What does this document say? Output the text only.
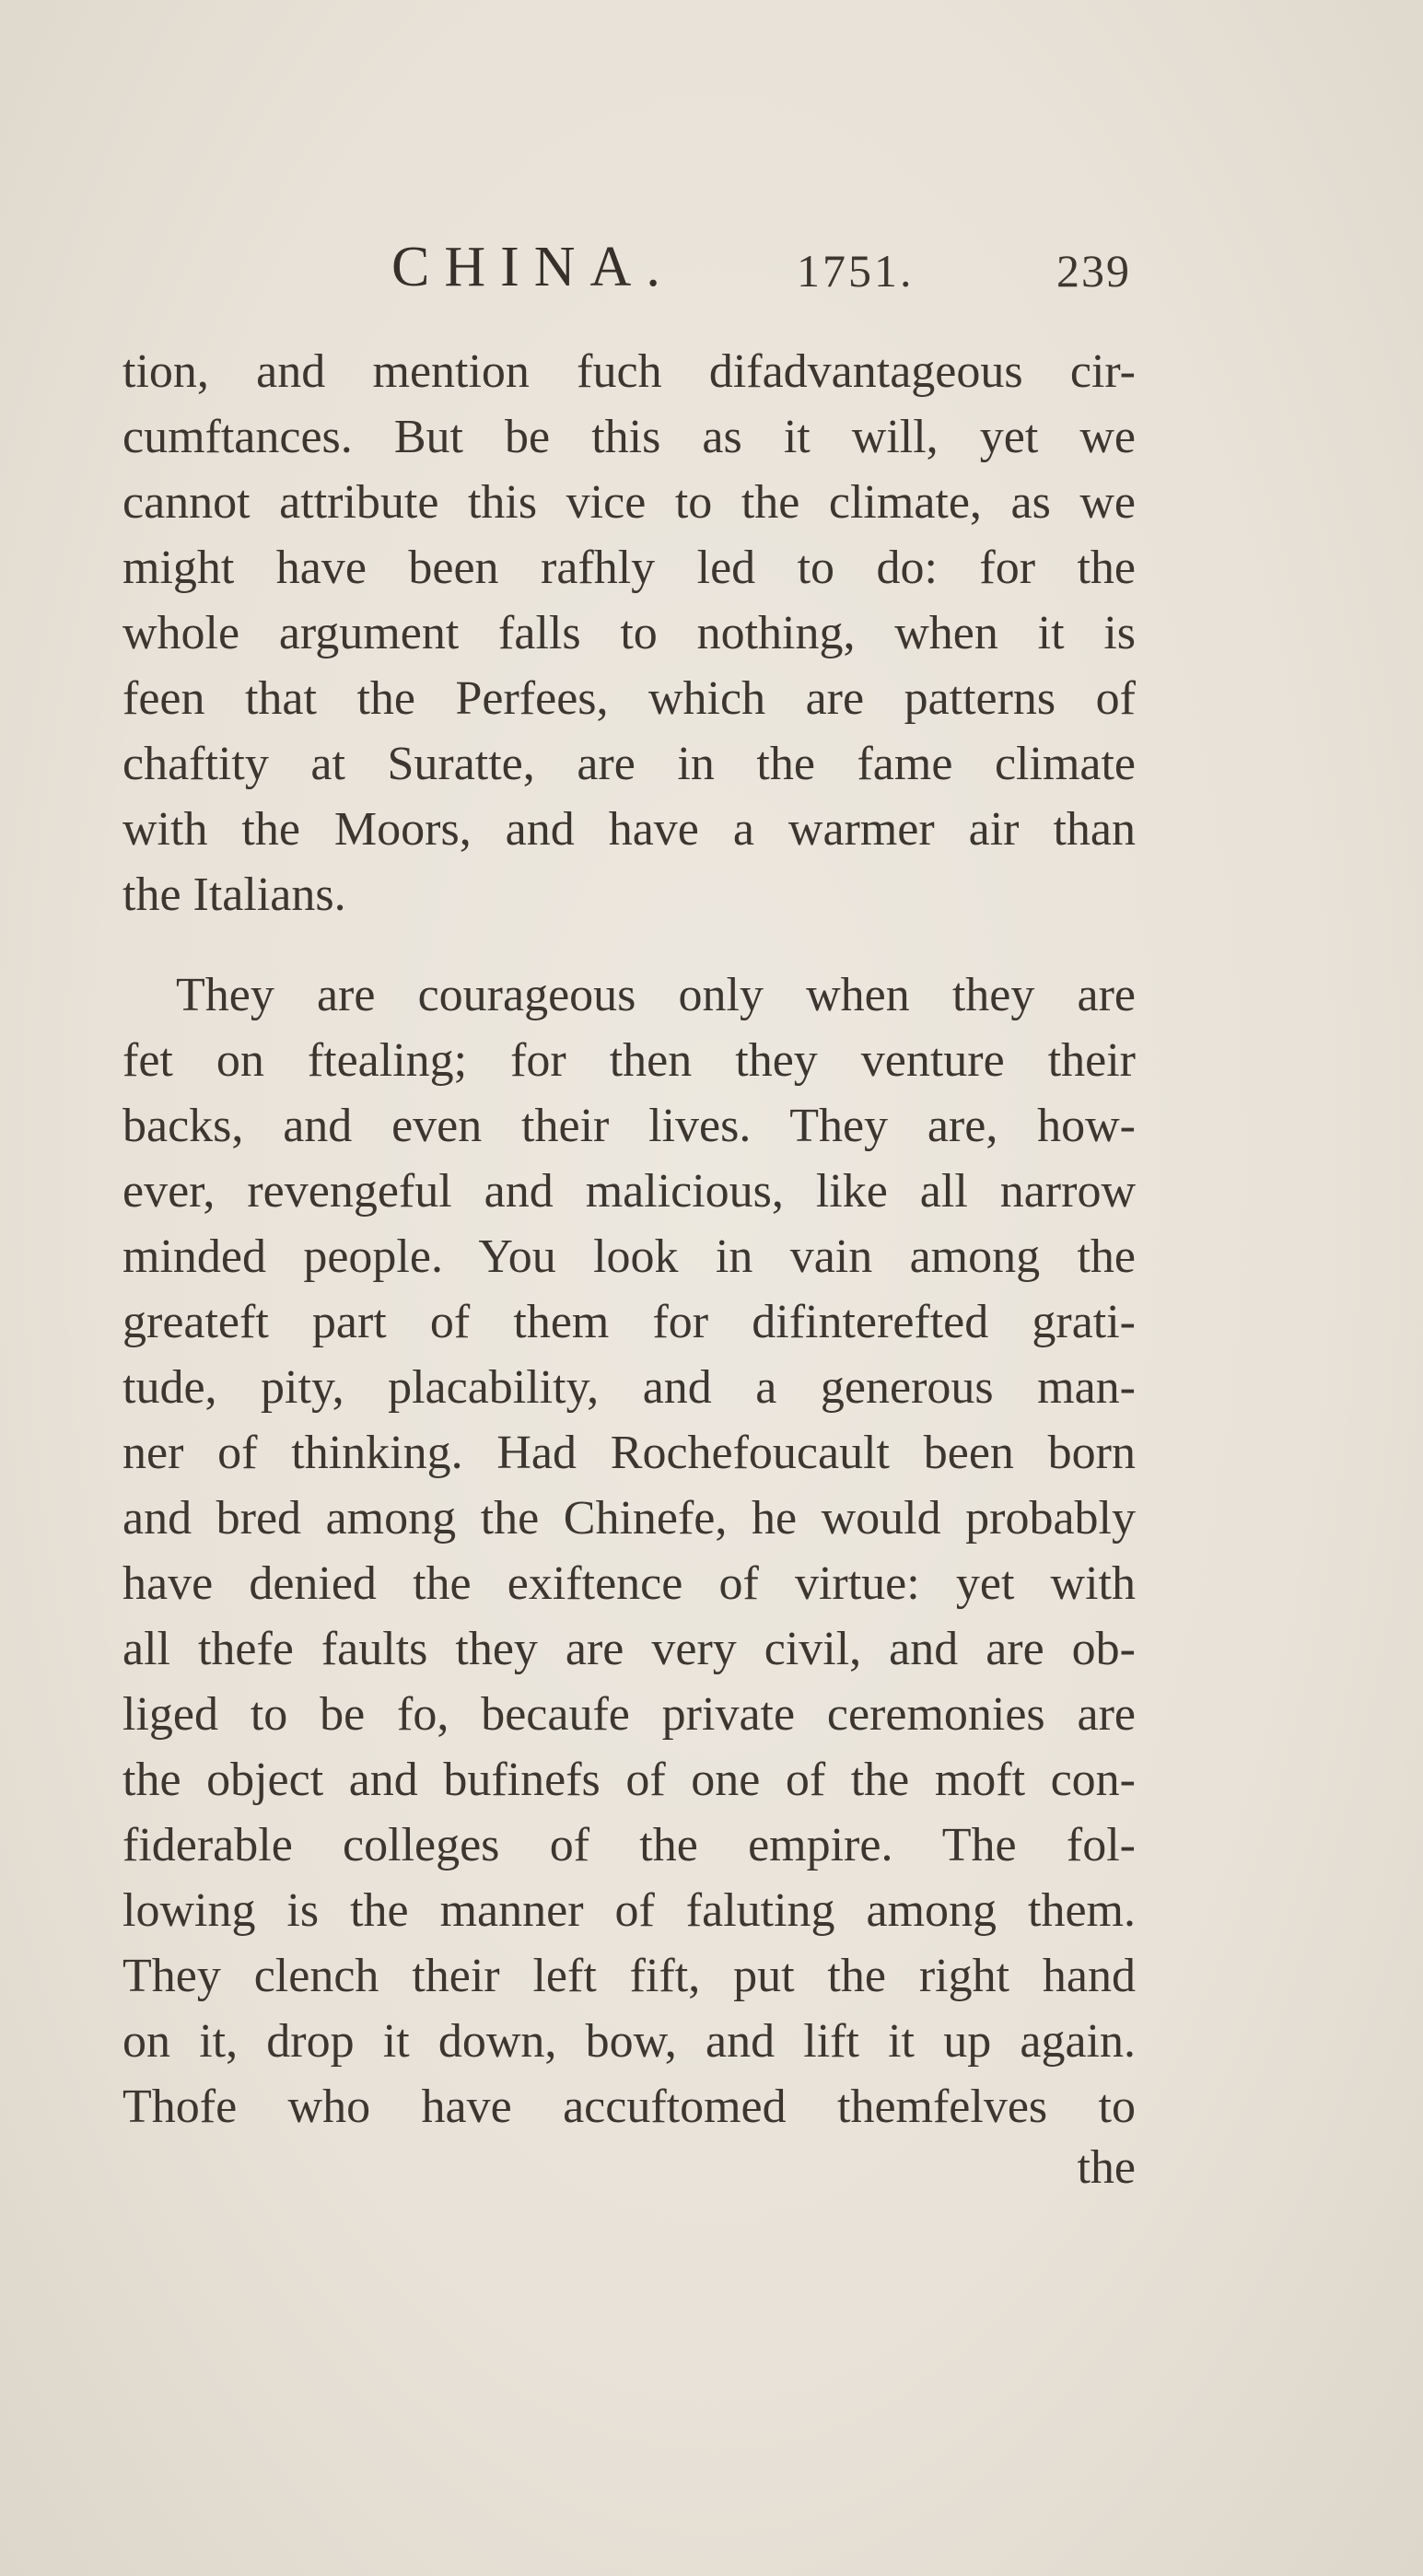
CHINA.	1751.	239
tion, and mention fuch difadvantageous cir-
cumftances. But be this as it will, yet we
cannot attribute this vice to the climate, as we
might have been rafhly led to do: for the
whole argument falls to nothing, when it is
feen that the Perfees, which are patterns of
chaftity at Suratte, are in the fame climate
with the Moors, and have a warmer air than
the Italians.
They are courageous only when they are
fet on ftealing; for then they venture their
backs, and even their lives. They are, how-
ever, revengeful and malicious, like all narrow
minded people. You look in vain among the
greateft part of them for difinterefted grati-
tude, pity, placability, and a generous man-
ner of thinking. Had Rochefoucault been born
and bred among the Chinefe, he would probably
have denied the exiftence of virtue: yet with
all thefe faults they are very civil, and are ob-
liged to be fo, becaufe private ceremonies are
the object and bufinefs of one of the moft con-
fiderable colleges of the empire. The fol-
lowing is the manner of faluting among them.
They clench their left fift, put the right hand
on it, drop it down, bow, and lift it up again.
Thofe who have accuftomed themfelves to
the
